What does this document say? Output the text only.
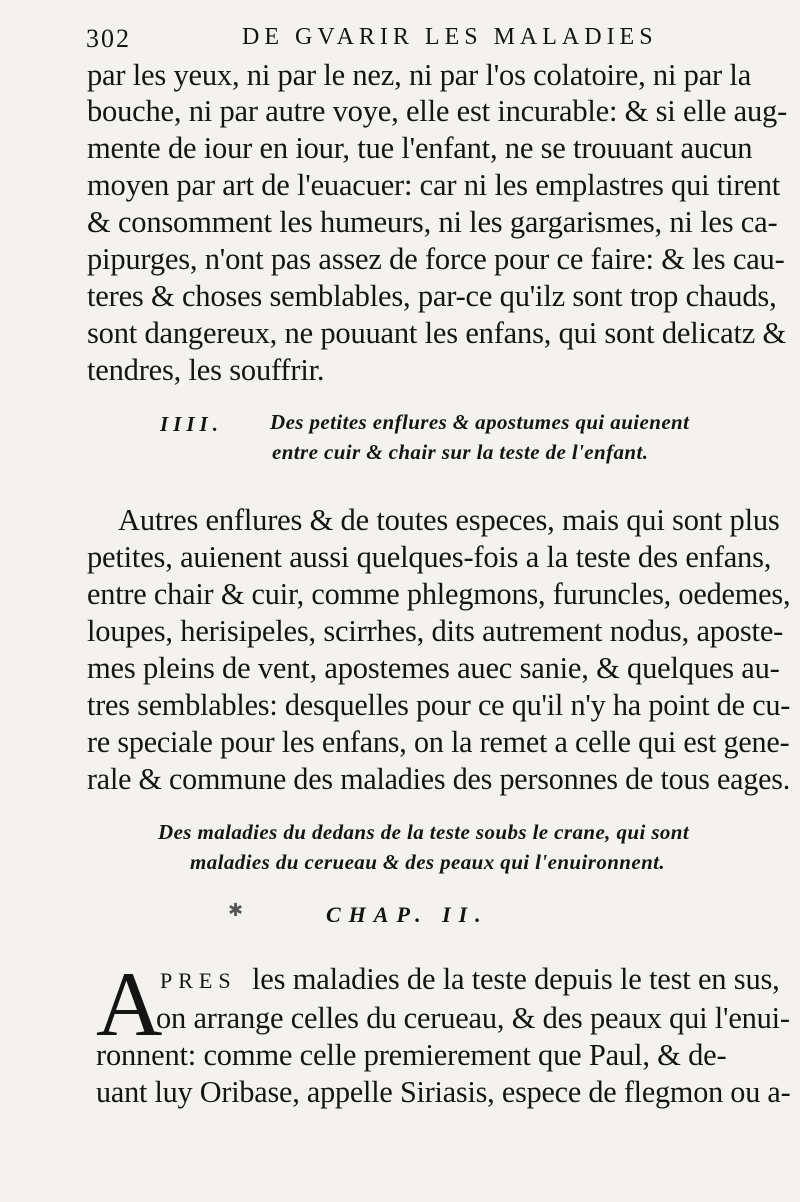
302	DE GVARIR LES MALADIES
par les yeux, ni par le nez, ni par l'os colatoire, ni par la
bouche, ni par autre voye, elle est incurable: & si elle aug-
mente de iour en iour, tue l'enfant, ne se trouuant aucun
moyen par art de l'euacuer: car ni les emplastres qui tirent
& consomment les humeurs, ni les gargarismes, ni les ca-
pipurges, n'ont pas assez de force pour ce faire: & les cau-
teres & choses semblables, par-ce qu'ilz sont trop chauds,
sont dangereux, ne pouuant les enfans, qui sont delicatz &
tendres, les souffrir.
IIII. Des petites enflures & apostumes qui auienent
entre cuir & chair sur la teste de l'enfant.
Autres enflures & de toutes especes, mais qui sont plus
petites, auienent aussi quelques-fois a la teste des enfans,
entre chair & cuir, comme phlegmons, furuncles, oedemes,
loupes, herisipeles, scirrhes, dits autrement nodus, aposte-
mes pleins de vent, apostemes auec sanie, & quelques au-
tres semblables: desquelles pour ce qu'il n'y ha point de cu-
re speciale pour les enfans, on la remet a celle qui est gene-
rale & commune des maladies des personnes de tous eages.
Des maladies du dedans de la teste soubs le crane, qui sont
maladies du cerueau & des peaux qui l'enuironnent.
✱	CHAP. II.
A
PRES les maladies de la teste depuis le test en sus,
on arrange celles du cerueau, & des peaux qui l'enui-
ronnent: comme celle premierement que Paul, & de-
uant luy Oribase, appelle Siriasis, espece de flegmon ou a-
